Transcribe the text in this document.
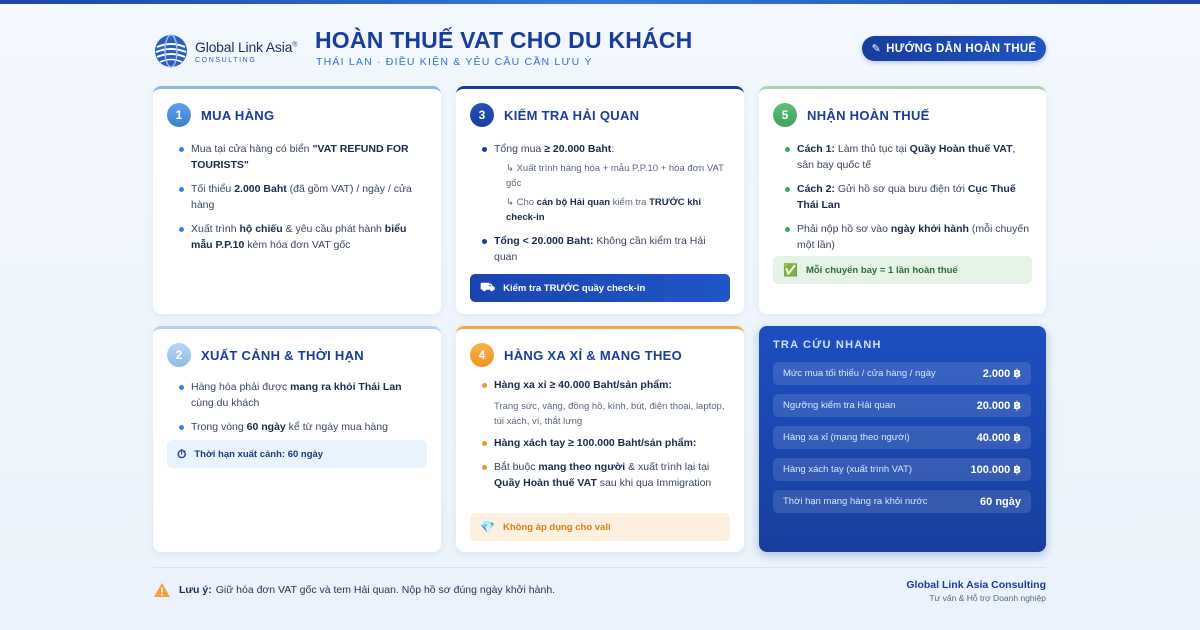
Global Link Asia®
CONSULTING
HOÀN THUẾ VAT CHO DU KHÁCH
THÁI LAN · ĐIỀU KIỆN & YÊU CẦU CẦN LƯU Ý
✎ HƯỚNG DẪN HOÀN THUẾ
1	MUA HÀNG
Mua tại cửa hàng có biển "VAT REFUND FOR TOURISTS"
Tối thiểu 2.000 Baht (đã gồm VAT) / ngày / cửa hàng
Xuất trình hộ chiếu & yêu cầu phát hành biểu mẫu P.P.10 kèm hóa đơn VAT gốc
3	KIỂM TRA HẢI QUAN
Tổng mua ≥ 20.000 Baht:
↳ Xuất trình hàng hóa + mẫu P.P.10 + hóa đơn VAT gốc
↳ Cho cán bộ Hải quan kiểm tra TRƯỚC khi check-in
Tổng < 20.000 Baht: Không cần kiểm tra Hải quan
⛟ Kiểm tra TRƯỚC quầy check-in
5	NHẬN HOÀN THUẾ
Cách 1: Làm thủ tục tại Quầy Hoàn thuế VAT, sân bay quốc tế
Cách 2: Gửi hồ sơ qua bưu điện tới Cục Thuế Thái Lan
Phải nộp hồ sơ vào ngày khởi hành (mỗi chuyến một lần)
✅ Mỗi chuyến bay = 1 lần hoàn thuế
2	XUẤT CẢNH & THỜI HẠN
Hàng hóa phải được mang ra khỏi Thái Lan cùng du khách
Trong vòng 60 ngày kể từ ngày mua hàng
⏱ Thời hạn xuất cảnh: 60 ngày
4	HÀNG XA XỈ & MANG THEO
Hàng xa xỉ ≥ 40.000 Baht/sản phẩm:
Trang sức, vàng, đồng hồ, kính, bút, điện thoại, laptop, túi xách, ví, thắt lưng
Hàng xách tay ≥ 100.000 Baht/sản phẩm:
Bắt buộc mang theo người & xuất trình lại tại Quầy Hoàn thuế VAT sau khi qua Immigration
💎 Không áp dụng cho vali
TRA CỨU NHANH
Mức mua tối thiểu / cửa hàng / ngày	2.000 ฿
Ngưỡng kiểm tra Hải quan	20.000 ฿
Hàng xa xỉ (mang theo người)	40.000 ฿
Hàng xách tay (xuất trình VAT)	100.000 ฿
Thời hạn mang hàng ra khỏi nước	60 ngày
Lưu ý: Giữ hóa đơn VAT gốc và tem Hải quan. Nộp hồ sơ đúng ngày khởi hành.	Global Link Asia Consulting
Tư vấn & Hỗ trợ Doanh nghiệp
